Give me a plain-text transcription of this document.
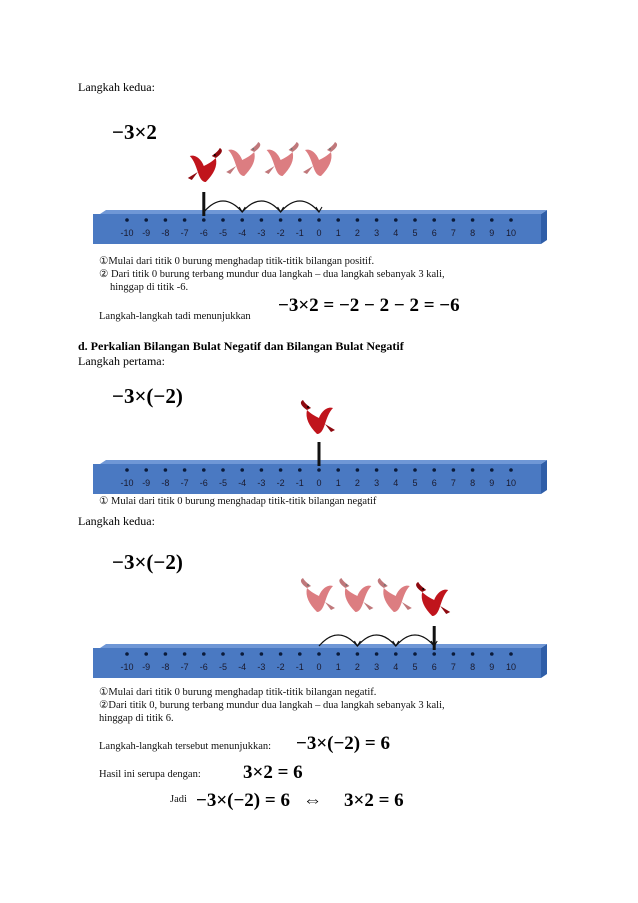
Langkah kedua:
d. Perkalian Bilangan Bulat Negatif dan Bilangan Bulat Negatif
Langkah pertama:
Langkah kedua:
−3×2
-10 -9 -8 -7 -6 -5 -4 -3 -2 -1 0 1 2 3 4 5 6 7 8 9 10
①Mulai dari titik 0 burung menghadap titik-titik bilangan positif.
② Dari titik 0 burung terbang mundur dua langkah – dua langkah sebanyak 3 kali,
hinggap di titik -6.
Langkah-langkah tadi menunjukkan
−3×2 = −2 − 2 − 2 = −6
−3×(−2)
-10 -9 -8 -7 -6 -5 -4 -3 -2 -1 0 1 2 3 4 5 6 7 8 9 10
① Mulai dari titik 0 burung menghadap titik-titik bilangan negatif
−3×(−2)
-10 -9 -8 -7 -6 -5 -4 -3 -2 -1 0 1 2 3 4 5 6 7 8 9 10
①Mulai dari titik 0 burung menghadap titik-titik bilangan negatif.
②Dari titik 0, burung terbang mundur dua langkah – dua langkah sebanyak 3 kali,
hinggap di titik 6.
Langkah-langkah tersebut menunjukkan: −3×(−2) = 6
Hasil ini serupa dengan: 3×2 = 6
Jadi −3×(−2) = 6 ⇔ 3×2 = 6
